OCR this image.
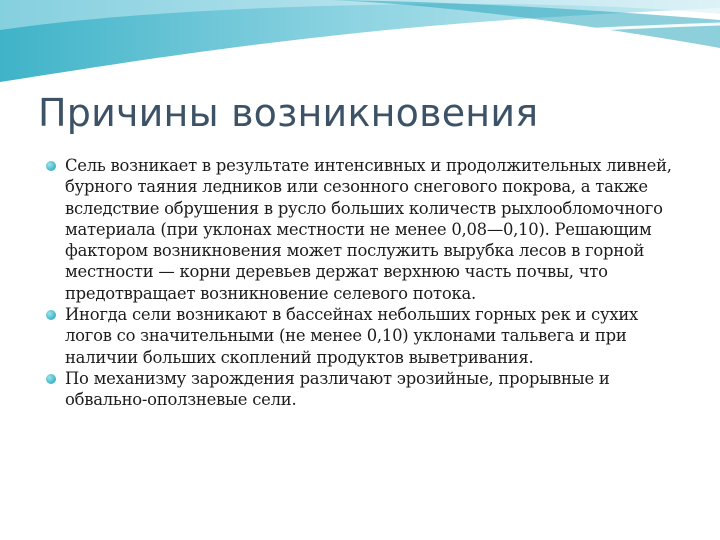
Причины возникновения
Сель возникает в результате интенсивных и продолжительных ливней, бурного таяния ледников или сезонного снегового покрова, а также вследствие обрушения в русло больших количеств рыхлообломочного материала (при уклонах местности не менее 0,08—0,10). Решающим фактором возникновения может послужить вырубка лесов в горной местности — корни деревьев держат верхнюю часть почвы, что предотвращает возникновение селевого потока.
Иногда сели возникают в бассейнах небольших горных рек и сухих логов со значительными (не менее 0,10) уклонами тальвега и при наличии больших скоплений продуктов выветривания.
По механизму зарождения различают эрозийные, прорывные и обвально-оползневые сели.
